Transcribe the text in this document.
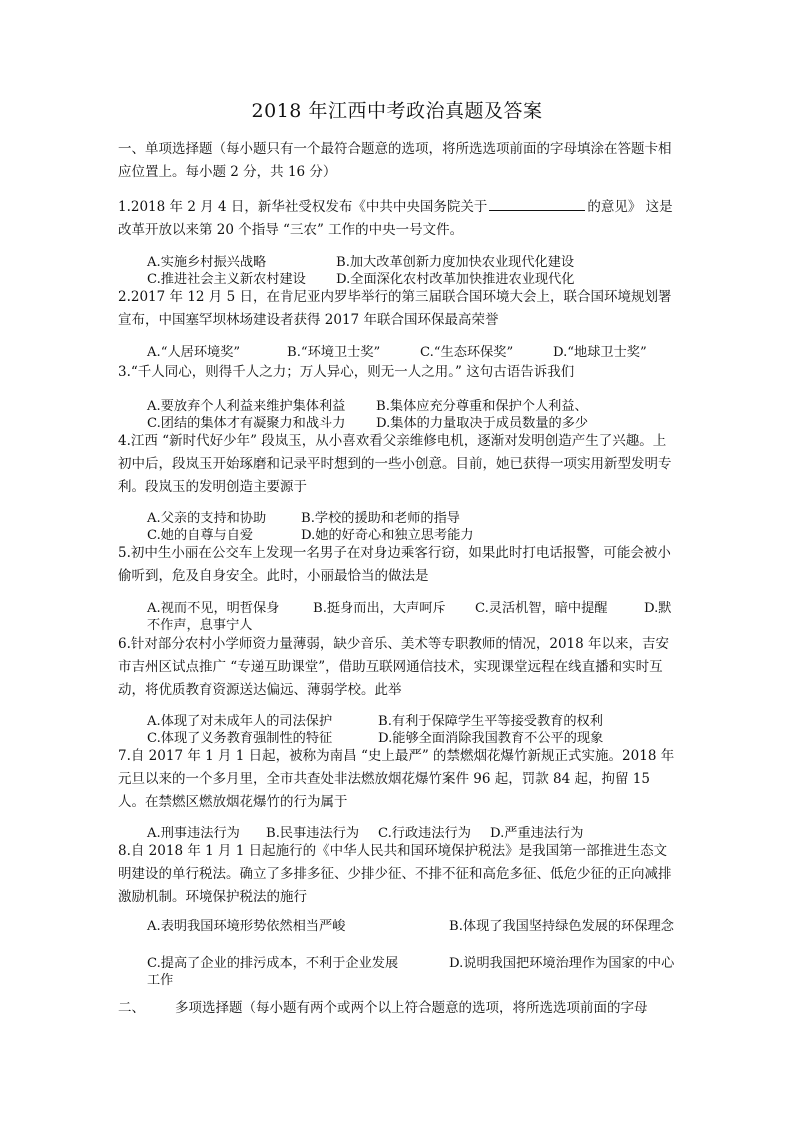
2018 年江西中考政治真题及答案

一、单项选择题（每小题只有一个最符合题意的选项，将所选选项前面的字母填涂在答题卡相应位置上。每小题 2 分，共 16 分）

1.2018 年 2 月 4 日，新华社受权发布《中共中央国务院关于	的意见》 这是改革开放以来第 20 个指导 “三农” 工作的中央一号文件。

A.实施乡村振兴战略	B.加大改革创新力度加快农业现代化建设
C.推进社会主义新农村建设 D.全面深化农村改革加快推进农业现代化

2.2017 年 12 月 5 日，在肯尼亚内罗毕举行的第三届联合国环境大会上，联合国环境规划署宣布，中国塞罕坝林场建设者获得 2017 年联合国环保最高荣誉

A.“人居环境奖”	B.“环境卫士奖”	C.“生态环保奖”	D.“地球卫士奖”

3.“千人同心，则得千人之力；万人异心，则无一人之用。” 这句古语告诉我们

A.要放弃个人利益来维护集体利益 B.集体应充分尊重和保护个人利益、
C.团结的集体才有凝聚力和战斗力 D.集体的力量取决于成员数量的多少

4.江西 “新时代好少年” 段岚玉，从小喜欢看父亲维修电机，逐渐对发明创造产生了兴趣。上初中后，段岚玉开始琢磨和记录平时想到的一些小创意。目前，她已获得一项实用新型发明专利。段岚玉的发明创造主要源于

A.父亲的支持和协助	B.学校的援助和老师的指导
C.她的自尊与自爱	D.她的好奇心和独立思考能力

5.初中生小丽在公交车上发现一名男子在对身边乘客行窃，如果此时打电话报警，可能会被小偷听到，危及自身安全。此时，小丽最恰当的做法是

A.视而不见，明哲保身	B.挺身而出，大声呵斥 C.灵活机智，暗中提醒	D.默不作声，息事宁人

6.针对部分农村小学师资力量薄弱，缺少音乐、美术等专职教师的情况，2018 年以来，吉安市吉州区试点推广 “专递互助课堂”，借助互联网通信技术，实现课堂远程在线直播和实时互动，将优质教育资源送达偏远、薄弱学校。此举

A.体现了对未成年人的司法保护	B.有利于保障学生平等接受教育的权利
C.体现了义务教育强制性的特征	D.能够全面消除我国教育不公平的现象

7.自 2017 年 1 月 1 日起，被称为南昌 “史上最严” 的禁燃烟花爆竹新规正式实施。2018 年元旦以来的一个多月里，全市共查处非法燃放烟花爆竹案件 96 起，罚款 84 起，拘留 15 人。在禁燃区燃放烟花爆竹的行为属于

A.刑事违法行为 B.民事违法行为 C.行政违法行为 D.严重违法行为

8.自 2018 年 1 月 1 日起施行的《中华人民共和国环境保护税法》是我国第一部推进生态文明建设的单行税法。确立了多排多征、少排少征、不排不征和高危多征、低危少征的正向减排激励机制。环境保护税法的施行

A.表明我国环境形势依然相当严峻	B.体现了我国坚持绿色发展的环保理念
C.提高了企业的排污成本，不利于企业发展	D.说明我国把环境治理作为国家的中心工作
二、 多项选择题（每小题有两个或两个以上符合题意的选项，将所选选项前面的字母
